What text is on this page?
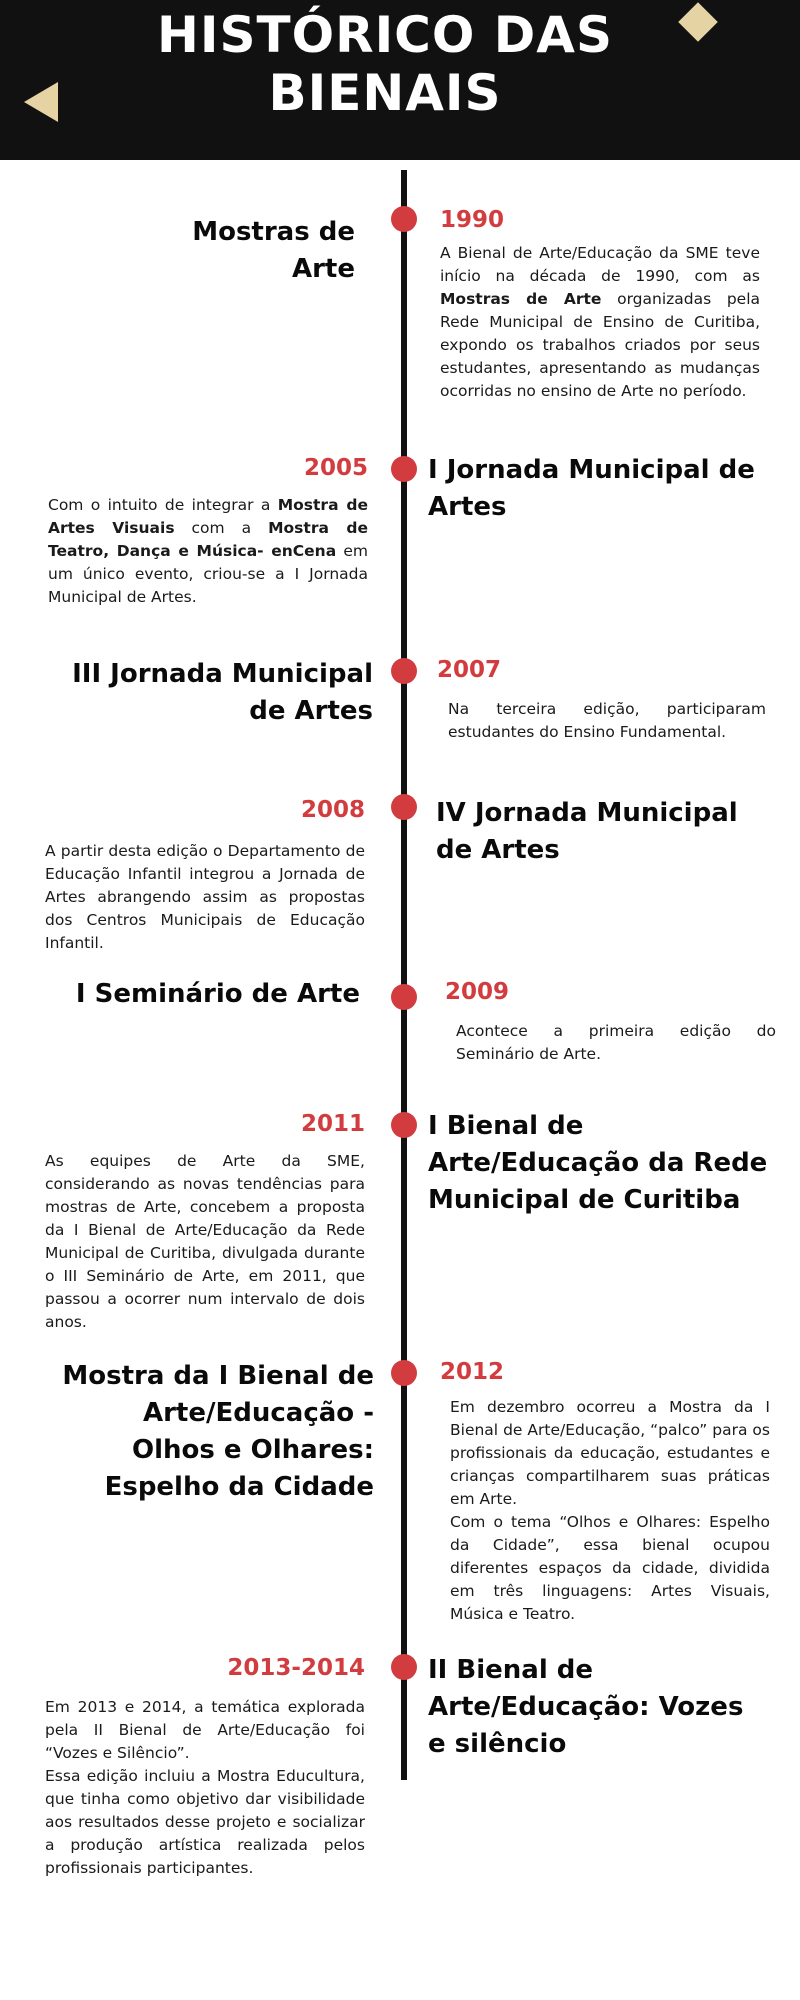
HISTÓRICO DAS
BIENAIS
1990
Mostras de Arte
A Bienal de Arte/Educação da SME teve início na década de 1990, com as Mostras de Arte organizadas pela Rede Municipal de Ensino de Curitiba, expondo os trabalhos criados por seus estudantes, apresentando as mudanças ocorridas no ensino de Arte no período.
2005 I Jornada Municipal de Artes
Com o intuito de integrar a Mostra de Artes Visuais com a Mostra de Teatro, Dança e Música- enCena em um único evento, criou-se a I Jornada Municipal de Artes.
2007
III Jornada Municipal de Artes	Na terceira edição, participaram estudantes do Ensino Fundamental.
2008	IV Jornada Municipal de Artes
A partir desta edição o Departamento de Educação Infantil integrou a Jornada de Artes abrangendo assim as propostas dos Centros Municipais de Educação Infantil.
2009
I Seminário de Arte
Acontece a primeira edição do Seminário de Arte.
2011 I Bienal de Arte/Educação da Rede Municipal de Curitiba
As equipes de Arte da SME, considerando as novas tendências para mostras de Arte, concebem a proposta da I Bienal de Arte/Educação da Rede Municipal de Curitiba, divulgada durante o III Seminário de Arte, em 2011, que passou a ocorrer num intervalo de dois anos.
2012
Mostra da I Bienal de Arte/Educação - Olhos e Olhares: Espelho da Cidade

Em dezembro ocorreu a Mostra da I Bienal de Arte/Educação, “palco” para os profissionais da educação, estudantes e crianças compartilharem suas práticas em Arte.

Com o tema “Olhos e Olhares: Espelho da Cidade”, essa bienal ocupou diferentes espaços da cidade, dividida em três linguagens: Artes Visuais, Música e Teatro.

2013-2014 II Bienal de Arte/Educação: Vozes e silêncio

Em 2013 e 2014, a temática explorada pela II Bienal de Arte/Educação foi “Vozes e Silêncio”.

Essa edição incluiu a Mostra Educultura, que tinha como objetivo dar visibilidade aos resultados desse projeto e socializar a produção artística realizada pelos profissionais participantes.
